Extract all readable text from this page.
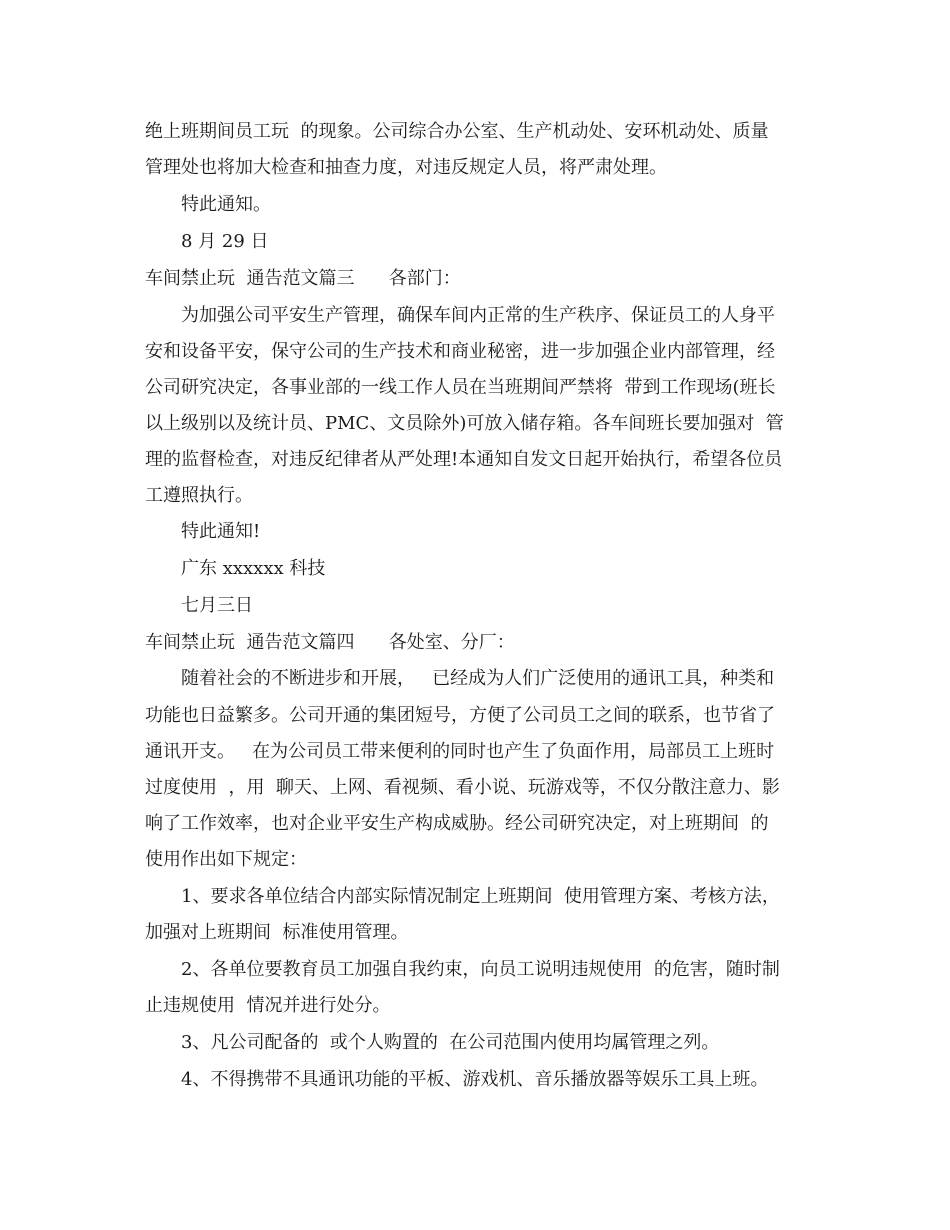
绝上班期间员工玩  的现象。公司综合办公室、生产机动处、安环机动处、质量
管理处也将加大检查和抽查力度，对违反规定人员，将严肃处理。
特此通知。
8 月 29 日
车间禁止玩  通告范文篇三      各部门：
为加强公司平安生产管理，确保车间内正常的生产秩序、保证员工的人身平
安和设备平安，保守公司的生产技术和商业秘密，进一步加强企业内部管理，经
公司研究决定，各事业部的一线工作人员在当班期间严禁将  带到工作现场(班长
以上级别以及统计员、PMC、文员除外)可放入储存箱。各车间班长要加强对  管
理的监督检查，对违反纪律者从严处理!本通知自发文日起开始执行，希望各位员
工遵照执行。
特此通知!
广东 xxxxxx 科技
七月三日
车间禁止玩  通告范文篇四      各处室、分厂：
随着社会的不断进步和开展，   已经成为人们广泛使用的通讯工具，种类和
功能也日益繁多。公司开通的集团短号，方便了公司员工之间的联系，也节省了
通讯开支。   在为公司员工带来便利的同时也产生了负面作用，局部员工上班时
过度使用  ，用  聊天、上网、看视频、看小说、玩游戏等，不仅分散注意力、影
响了工作效率，也对企业平安生产构成威胁。经公司研究决定，对上班期间  的
使用作出如下规定：
1、要求各单位结合内部实际情况制定上班期间  使用管理方案、考核方法，
加强对上班期间  标准使用管理。
2、各单位要教育员工加强自我约束，向员工说明违规使用  的危害，随时制
止违规使用  情况并进行处分。
3、凡公司配备的  或个人购置的  在公司范围内使用均属管理之列。
4、不得携带不具通讯功能的平板、游戏机、音乐播放器等娱乐工具上班。
